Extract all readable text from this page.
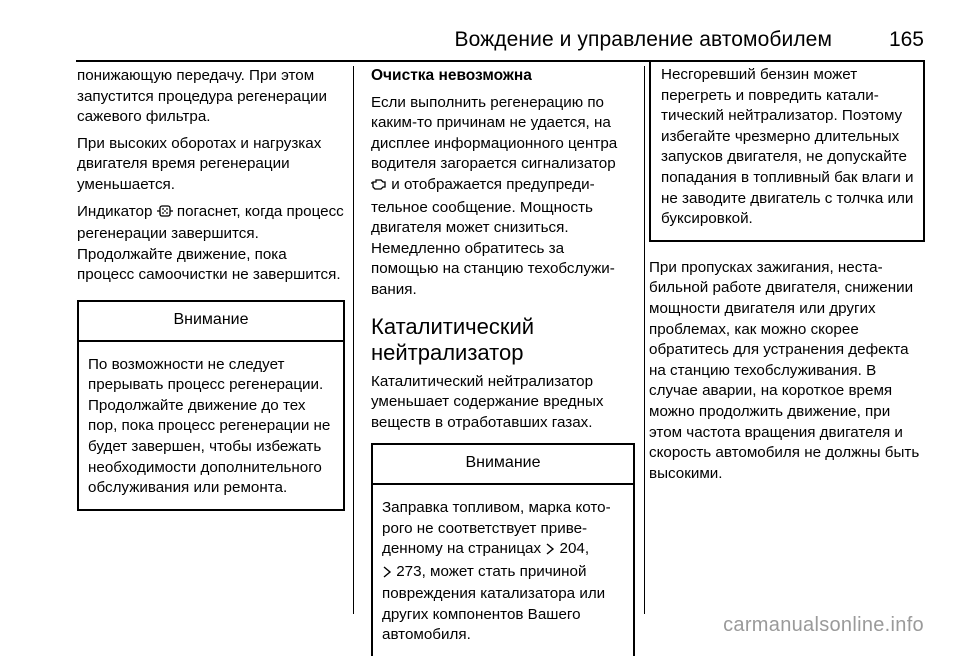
Вождение и управление автомобилем	165

понижающую передачу. При этом запустится процедура регенерации сажевого фильтра.

При высоких оборотах и нагрузках двигателя время регенерации уменьшается.

Индикатор погаснет, когда процесс регенерации завершится. Продолжайте движение, пока процесс самоочистки не завершится.

Внимание
По возможности не следует прерывать процесс регенерации. Продолжайте движение до тех пор, пока процесс регенерации не будет завершен, чтобы избежать необходимости дополнительного обслуживания или ремонта.

Очистка невозможна

Если выполнить регенерацию по каким-то причинам не удается, на дисплее информационного центра водителя загорается сигнализатор  и отображается предупредительное сообщение. Мощность двигателя может снизиться. Немедленно обратитесь за помощью на станцию техобслуживания.

Каталитический нейтрализатор

Каталитический нейтрализатор уменьшает содержание вредных веществ в отработавших газах.

Внимание
Заправка топливом, марка которого не соответствует приведенному на страницах 204,
273, может стать причиной повреждения катализатора или других компонентов Вашего автомобиля.
Несгоревший бензин может перегреть и повредить каталитический нейтрализатор. Поэтому избегайте чрезмерно длительных запусков двигателя, не допускайте попадания в топливный бак влаги и не заводите двигатель с толчка или буксировкой.

При пропусках зажигания, нестабильной работе двигателя, снижении мощности двигателя или других проблемах, как можно скорее обратитесь для устранения дефекта на станцию техобслуживания. В случае аварии, на короткое время можно продолжить движение, при этом частота вращения двигателя и скорость автомобиля не должны быть высокими.

carmanualsonline.info
